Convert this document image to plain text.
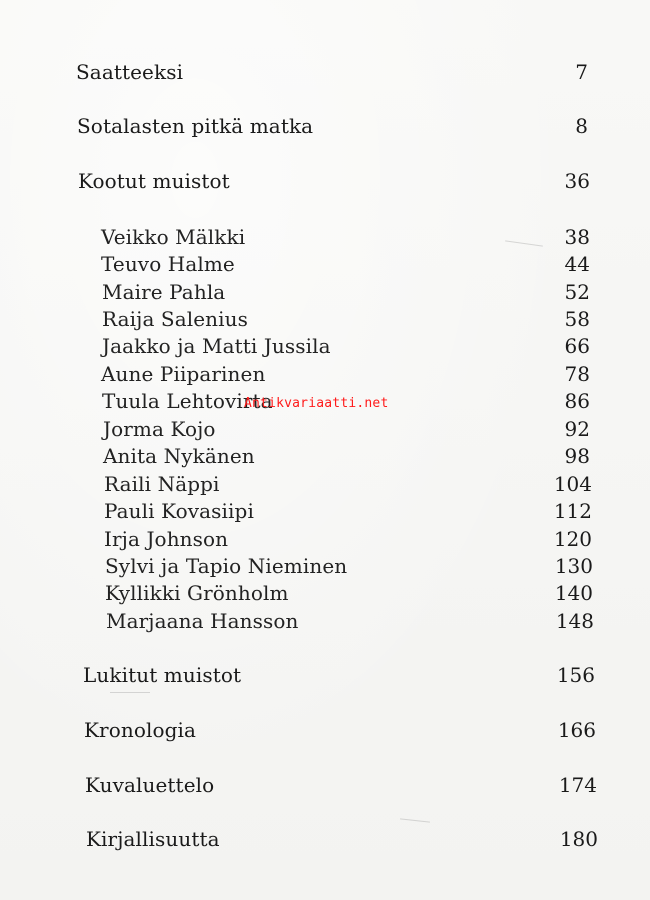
Saatteeksi	7
Sotalasten pitkä matka	8
Kootut muistot	36
Veikko Mälkki	38
Teuvo Halme	44
Maire Pahla	52
Raija Salenius	58
Jaakko ja Matti Jussila	66
Aune Piiparinen	78
Tuula Lehtovirta	86
Jorma Kojo	92
Anita Nykänen	98
Raili Näppi	104
Pauli Kovasiipi	112
Irja Johnson	120
Sylvi ja Tapio Nieminen	130
Kyllikki Grönholm	140
Marjaana Hansson	148
Lukitut muistot	156
Kronologia	166
Kuvaluettelo	174
Kirjallisuutta	180
Antikvariaatti.net
